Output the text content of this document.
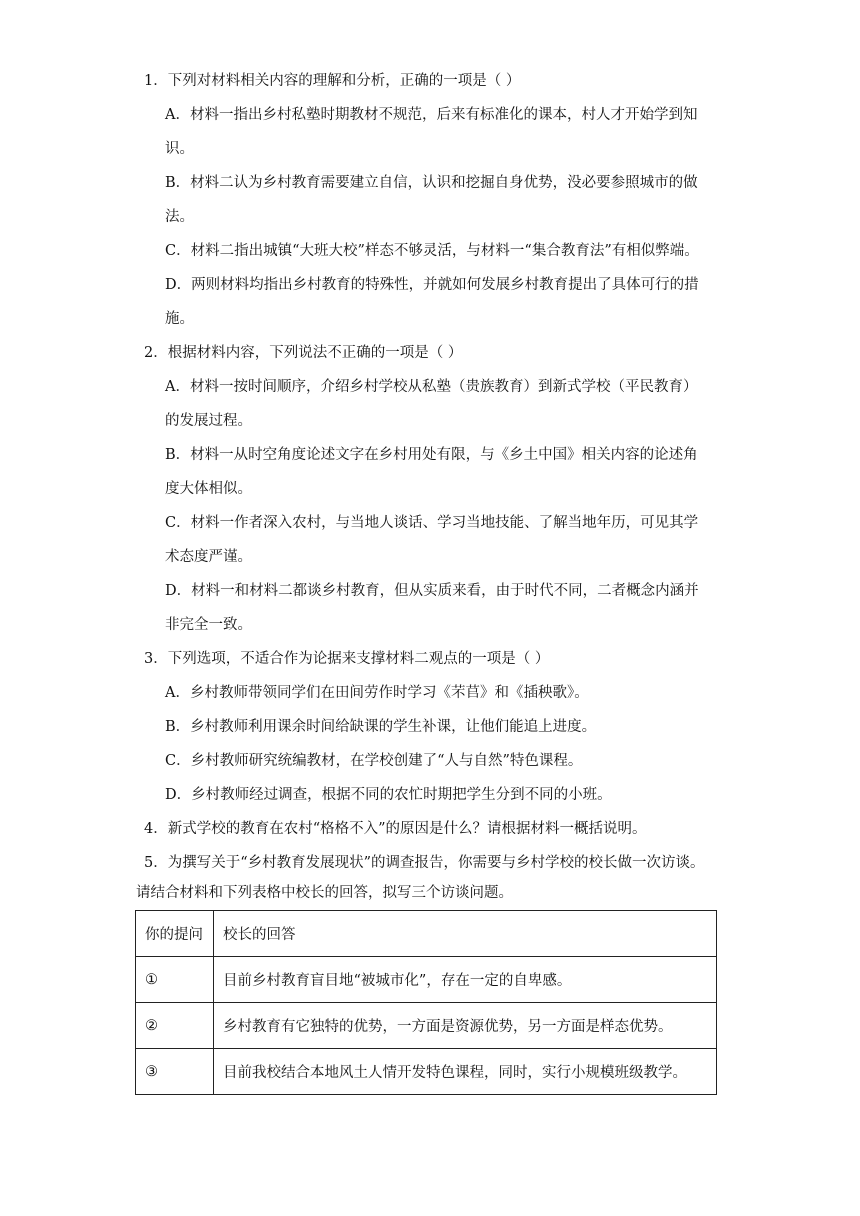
1．下列对材料相关内容的理解和分析，正确的一项是（ ）
A．材料一指出乡村私塾时期教材不规范，后来有标准化的课本，村人才开始学到知
识。
B．材料二认为乡村教育需要建立自信，认识和挖掘自身优势，没必要参照城市的做
法。
C．材料二指出城镇“大班大校”样态不够灵活，与材料一“集合教育法”有相似弊端。
D．两则材料均指出乡村教育的特殊性，并就如何发展乡村教育提出了具体可行的措
施。
2．根据材料内容，下列说法不正确的一项是（ ）
A．材料一按时间顺序，介绍乡村学校从私塾（贵族教育）到新式学校（平民教育）
的发展过程。
B．材料一从时空角度论述文字在乡村用处有限，与《乡土中国》相关内容的论述角
度大体相似。
C．材料一作者深入农村，与当地人谈话、学习当地技能、了解当地年历，可见其学
术态度严谨。
D．材料一和材料二都谈乡村教育，但从实质来看，由于时代不同，二者概念内涵并
非完全一致。
3．下列选项，不适合作为论据来支撑材料二观点的一项是（ ）
A．乡村教师带领同学们在田间劳作时学习《芣苢》和《插秧歌》。
B．乡村教师利用课余时间给缺课的学生补课，让他们能追上进度。
C．乡村教师研究统编教材，在学校创建了“人与自然”特色课程。
D．乡村教师经过调查，根据不同的农忙时期把学生分到不同的小班。
4．新式学校的教育在农村“格格不入”的原因是什么？请根据材料一概括说明。
5．为撰写关于“乡村教育发展现状”的调查报告，你需要与乡村学校的校长做一次访谈。
请结合材料和下列表格中校长的回答，拟写三个访谈问题。
你的提问	校长的回答
①	目前乡村教育盲目地“被城市化”，存在一定的自卑感。
②	乡村教育有它独特的优势，一方面是资源优势，另一方面是样态优势。
③	目前我校结合本地风土人情开发特色课程，同时，实行小规模班级教学。
